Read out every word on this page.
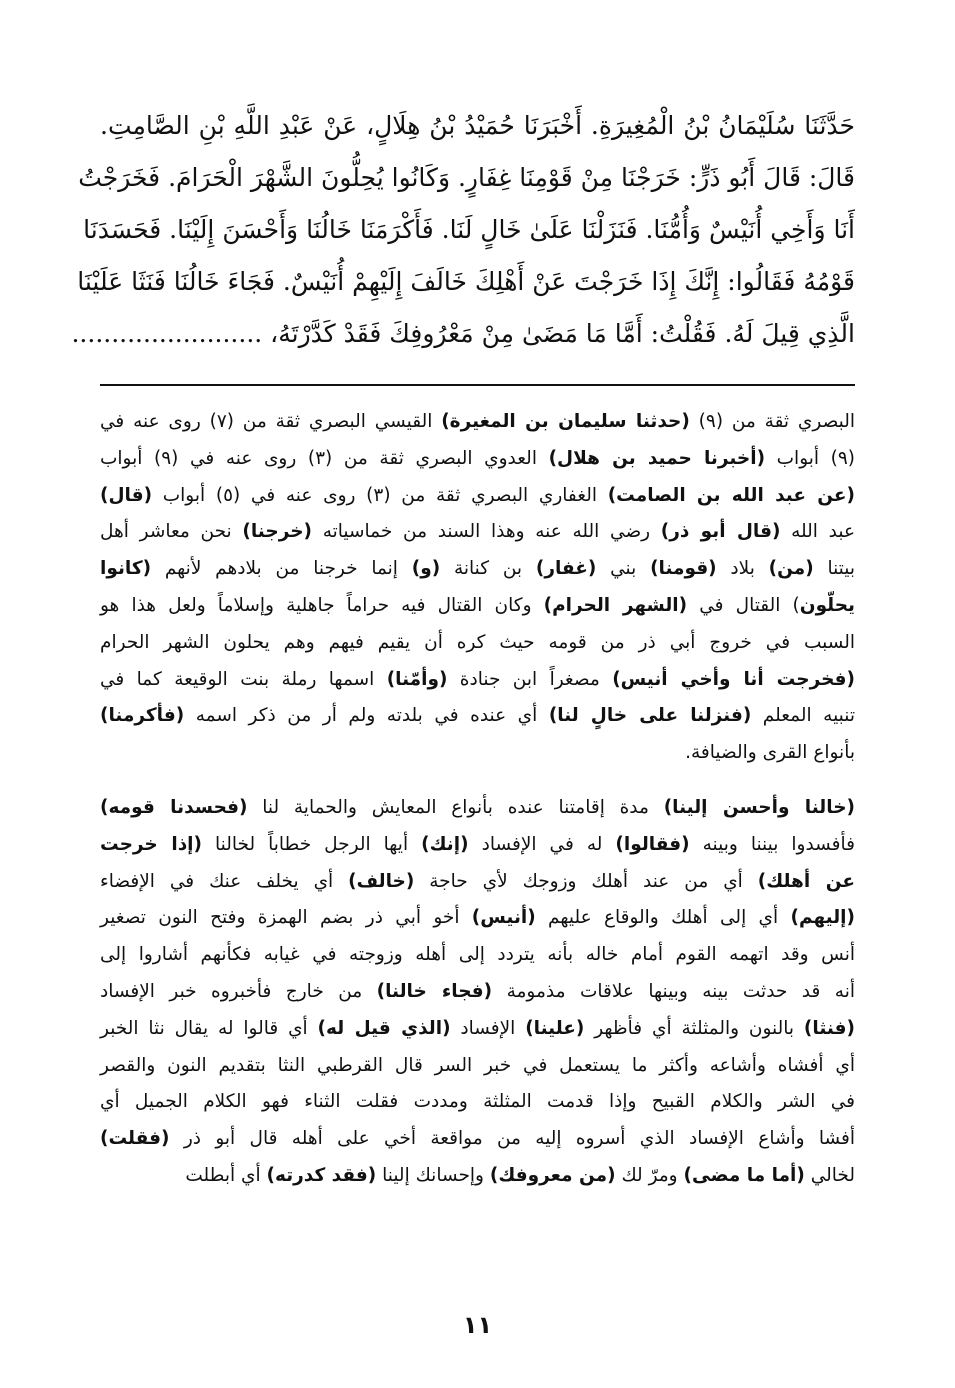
حَدَّثَنَا سُلَيْمَانُ بْنُ الْمُغِيرَةِ. أَخْبَرَنَا حُمَيْدُ بْنُ هِلَالٍ، عَنْ عَبْدِ اللَّهِ بْنِ الصَّامِتِ.
قَالَ: قَالَ أَبُو ذَرٍّ: خَرَجْنَا مِنْ قَوْمِنَا غِفَارٍ. وَكَانُوا يُحِلُّونَ الشَّهْرَ الْحَرَامَ. فَخَرَجْتُ
أَنَا وَأَخِي أُنَيْسٌ وَأُمُّنَا. فَنَزَلْنَا عَلَىٰ خَالٍ لَنَا. فَأَكْرَمَنَا خَالُنَا وَأَحْسَنَ إِلَيْنَا. فَحَسَدَنَا
قَوْمُهُ فَقَالُوا: إِنَّكَ إِذَا خَرَجْتَ عَنْ أَهْلِكَ خَالَفَ إِلَيْهِمْ أُنَيْسٌ. فَجَاءَ خَالُنَا فَنَثَا عَلَيْنَا
الَّذِي قِيلَ لَهُ. فَقُلْتُ: أَمَّا مَا مَضَىٰ مِنْ مَعْرُوفِكَ فَقَدْ كَدَّرْتَهُ، ........................
البصري ثقة من (٩) (حدثنا سليمان بن المغيرة) القيسي البصري ثقة من (٧) روى عنه في
(٩) أبواب (أخبرنا حميد بن هلال) العدوي البصري ثقة من (٣) روى عنه في (٩) أبواب
(عن عبد الله بن الصامت) الغفاري البصري ثقة من (٣) روى عنه في (٥) أبواب (قال)
عبد الله (قال أبو ذر) رضي الله عنه وهذا السند من خماسياته (خرجنا) نحن معاشر أهل
بيتنا (من) بلاد (قومنا) بني (غفار) بن كنانة (و) إنما خرجنا من بلادهم لأنهم (كانوا
يحلّون) القتال في (الشهر الحرام) وكان القتال فيه حراماً جاهلية وإسلاماً ولعل هذا هو
السبب في خروج أبي ذر من قومه حيث كره أن يقيم فيهم وهم يحلون الشهر الحرام
(فخرجت أنا وأخي أنيس) مصغراً ابن جنادة (وأمّنا) اسمها رملة بنت الوقيعة كما في
تنبيه المعلم (فنزلنا على خالٍ لنا) أي عنده في بلدته ولم أر من ذكر اسمه (فأكرمنا)
بأنواع القرى والضيافة.
(خالنا وأحسن إلينا) مدة إقامتنا عنده بأنواع المعايش والحماية لنا (فحسدنا قومه)
فأفسدوا بيننا وبينه (فقالوا) له في الإفساد (إنك) أيها الرجل خطاباً لخالنا (إذا خرجت
عن أهلك) أي من عند أهلك وزوجك لأي حاجة (خالف) أي يخلف عنك في الإفضاء
(إليهم) أي إلى أهلك والوقاع عليهم (أنيس) أخو أبي ذر بضم الهمزة وفتح النون تصغير
أنس وقد اتهمه القوم أمام خاله بأنه يتردد إلى أهله وزوجته في غيابه فكأنهم أشاروا إلى
أنه قد حدثت بينه وبينها علاقات مذمومة (فجاء خالنا) من خارج فأخبروه خبر الإفساد
(فنثا) بالنون والمثلثة أي فأظهر (علينا) الإفساد (الذي قيل له) أي قالوا له يقال نثا الخبر
أي أفشاه وأشاعه وأكثر ما يستعمل في خبر السر قال القرطبي النثا بتقديم النون والقصر
في الشر والكلام القبيح وإذا قدمت المثلثة ومددت فقلت الثناء فهو الكلام الجميل أي
أفشا وأشاع الإفساد الذي أسروه إليه من مواقعة أخي على أهله قال أبو ذر (فقلت)
لخالي (أما ما مضى) ومرّ لك (من معروفك) وإحسانك إلينا (فقد كدرته) أي أبطلت
١١
